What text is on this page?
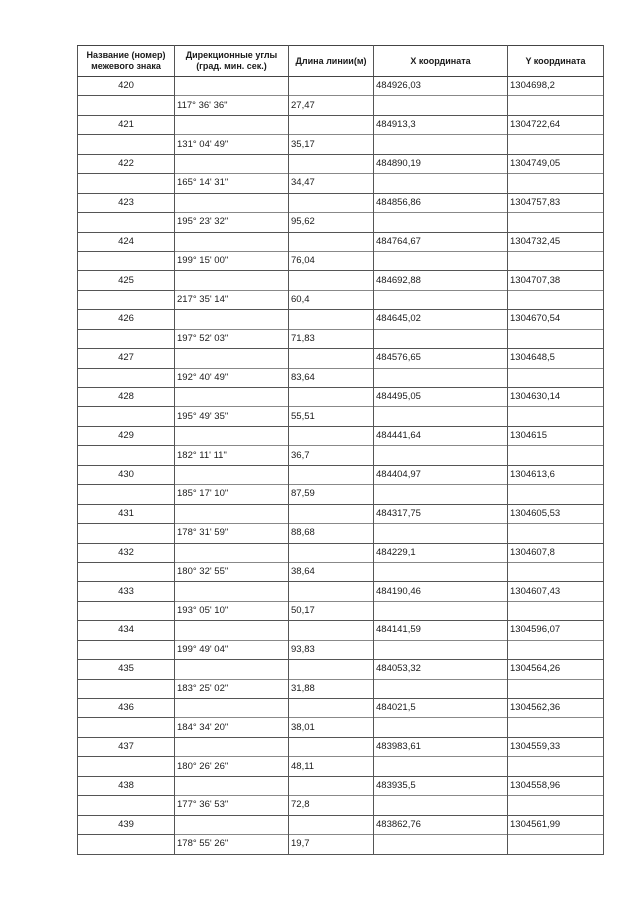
Название (номер) межевого знака	Дирекционные углы (град. мин. сек.)	Длина линии(м)	X координата	Y координата
420			484926,03	1304698,2
	117° 36' 36"	27,47		
421			484913,3	1304722,64
	131° 04' 49"	35,17		
422			484890,19	1304749,05
	165° 14' 31"	34,47		
423			484856,86	1304757,83
	195° 23' 32"	95,62		
424			484764,67	1304732,45
	199° 15' 00"	76,04		
425			484692,88	1304707,38
	217° 35' 14"	60,4		
426			484645,02	1304670,54
	197° 52' 03"	71,83		
427			484576,65	1304648,5
	192° 40' 49"	83,64		
428			484495,05	1304630,14
	195° 49' 35"	55,51		
429			484441,64	1304615
	182° 11' 11"	36,7		
430			484404,97	1304613,6
	185° 17' 10"	87,59		
431			484317,75	1304605,53
	178° 31' 59"	88,68		
432			484229,1	1304607,8
	180° 32' 55"	38,64		
433			484190,46	1304607,43
	193° 05' 10"	50,17		
434			484141,59	1304596,07
	199° 49' 04"	93,83		
435			484053,32	1304564,26
	183° 25' 02"	31,88		
436			484021,5	1304562,36
	184° 34' 20"	38,01		
437			483983,61	1304559,33
	180° 26' 26"	48,11		
438			483935,5	1304558,96
	177° 36' 53"	72,8		
439			483862,76	1304561,99
	178° 55' 26"	19,7		
